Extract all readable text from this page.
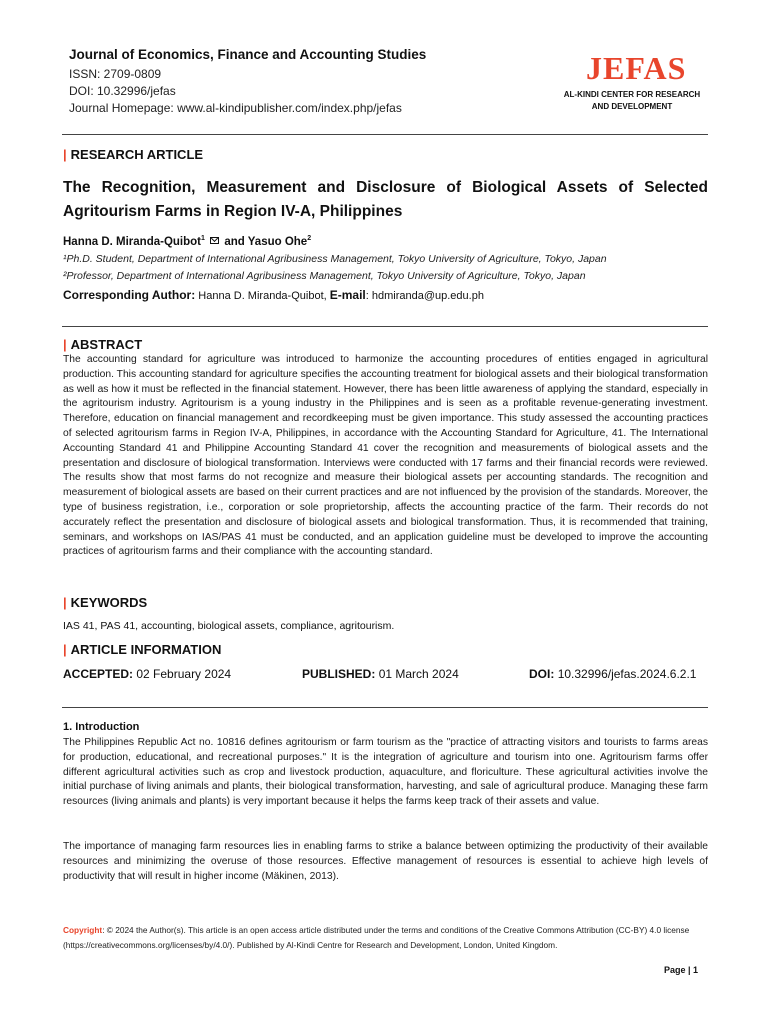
Journal of Economics, Finance and Accounting Studies
ISSN: 2709-0809
DOI: 10.32996/jefas
Journal Homepage: www.al-kindipublisher.com/index.php/jefas
JEFAS
AL-KINDI CENTER FOR RESEARCH
AND DEVELOPMENT
| RESEARCH ARTICLE
The Recognition, Measurement and Disclosure of Biological Assets of Selected Agritourism Farms in Region IV-A, Philippines
Hanna D. Miranda-Quibot$^1$ and Yasuo Ohe$^2$
¹Ph.D. Student, Department of International Agribusiness Management, Tokyo University of Agriculture, Tokyo, Japan
²Professor, Department of International Agribusiness Management, Tokyo University of Agriculture, Tokyo, Japan
Corresponding Author: Hanna D. Miranda-Quibot, E-mail: hdmiranda@up.edu.ph
| ABSTRACT
The accounting standard for agriculture was introduced to harmonize the accounting procedures of entities engaged in agricultural production. This accounting standard for agriculture specifies the accounting treatment for biological assets and their biological transformation as well as how it must be reflected in the financial statement. However, there has been little awareness of applying the standard, especially in the agritourism industry. Agritourism is a young industry in the Philippines and is seen as a profitable revenue-generating investment. Therefore, education on financial management and recordkeeping must be given importance. This study assessed the accounting practices of selected agritourism farms in Region IV-A, Philippines, in accordance with the Accounting Standard for Agriculture, 41. The International Accounting Standard 41 and Philippine Accounting Standard 41 cover the recognition and measurements of biological assets and the presentation and disclosure of biological transformation. Interviews were conducted with 17 farms and their financial records were reviewed. The results show that most farms do not recognize and measure their biological assets per accounting standards. The recognition and measurement of biological assets are based on their current practices and are not influenced by the provision of the standards. Moreover, the type of business registration, i.e., corporation or sole proprietorship, affects the accounting practice of the farm. Their records do not accurately reflect the presentation and disclosure of biological assets and biological transformation. Thus, it is recommended that training, seminars, and workshops on IAS/PAS 41 must be conducted, and an application guideline must be developed to improve the accounting practices of agritourism farms and their compliance with the accounting standard.
| KEYWORDS
IAS 41, PAS 41, accounting, biological assets, compliance, agritourism.
| ARTICLE INFORMATION
ACCEPTED: 02 February 2024	PUBLISHED: 01 March 2024	DOI: 10.32996/jefas.2024.6.2.1
1. Introduction
The Philippines Republic Act no. 10816 defines agritourism or farm tourism as the "practice of attracting visitors and tourists to farms areas for production, educational, and recreational purposes." It is the integration of agriculture and tourism into one. Agritourism farms offer different agricultural activities such as crop and livestock production, aquaculture, and floriculture. These agricultural activities involve the initial purchase of living animals and plants, their biological transformation, harvesting, and sale of agricultural produce. Managing these farm resources (living animals and plants) is very important because it helps the farms keep track of their assets and value.
The importance of managing farm resources lies in enabling farms to strike a balance between optimizing the productivity of their available resources and minimizing the overuse of those resources. Effective management of resources is essential to achieve high levels of productivity that will result in higher income (Mäkinen, 2013).
Copyright: © 2024 the Author(s). This article is an open access article distributed under the terms and conditions of the Creative Commons Attribution (CC-BY) 4.0 license (https://creativecommons.org/licenses/by/4.0/). Published by Al-Kindi Centre for Research and Development, London, United Kingdom.
Page | 1
